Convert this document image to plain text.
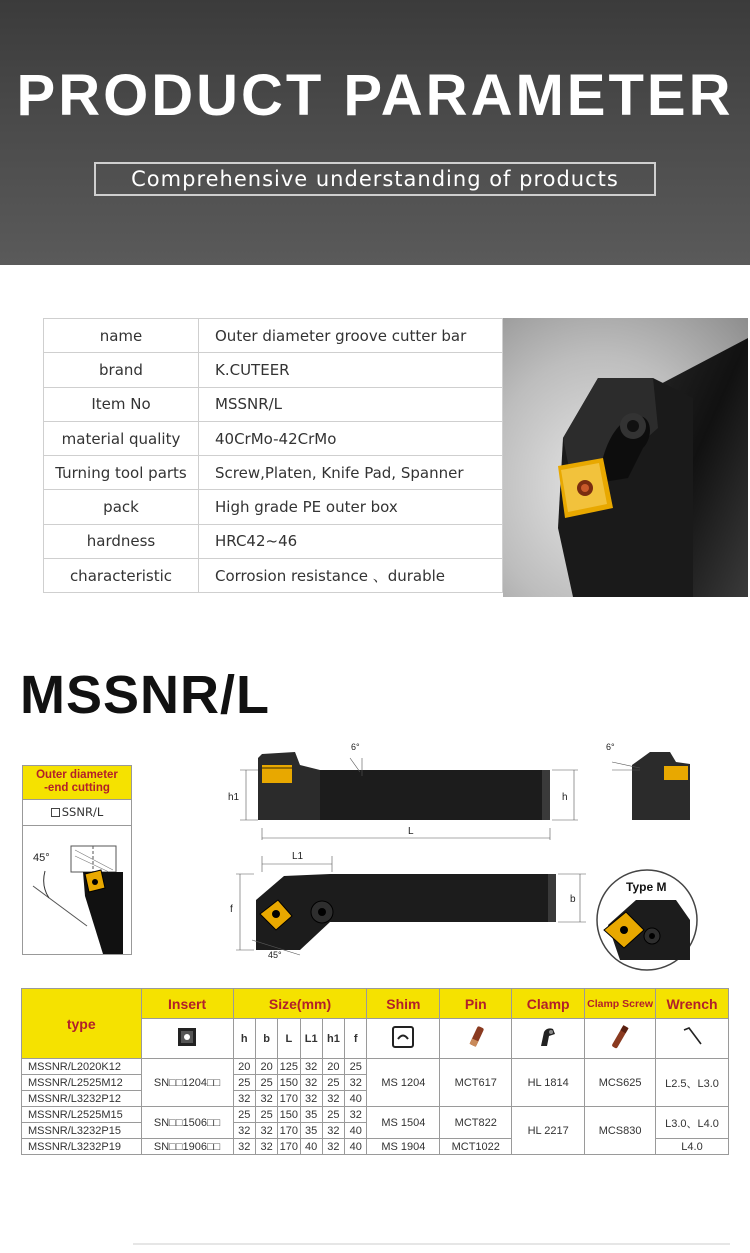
PRODUCT PARAMETER
Comprehensive understanding of products
name	Outer diameter groove cutter bar
brand	K.CUTEER
Item No	MSSNR/L
material quality	40CrMo-42CrMo
Turning tool parts	Screw,Platen, Knife Pad, Spanner
pack	High grade PE outer box
hardness	HRC42~46
characteristic	Corrosion resistance 、durable
MSSNR/L
Outer diameter
-end cutting
SSNR/L
45°
h1	h
6°
L
6°
L1
f
b
45°
Type M
type	Insert	Size(mm)						Shim	Pin	Clamp	Clamp Screw	Wrench
	h	b	L	L1	h1	f					
MSSNR/L2020K12	SN□□1204□□	20	20	125	32	20	25	MS 1204	MCT617	HL 1814	MCS625	L2.5、L3.0
MSSNR/L2525M12		25	25	150	32	25	32					
MSSNR/L3232P12		32	32	170	32	32	40					
MSSNR/L2525M15	SN□□1506□□	25	25	150	35	25	32	MS 1504	MCT822	HL 2217	MCS830	L3.0、L4.0
MSSNR/L3232P15		32	32	170	35	32	40					
MSSNR/L3232P19	SN□□1906□□	32	32	170	40	32	40	MS 1904	MCT1022			L4.0
